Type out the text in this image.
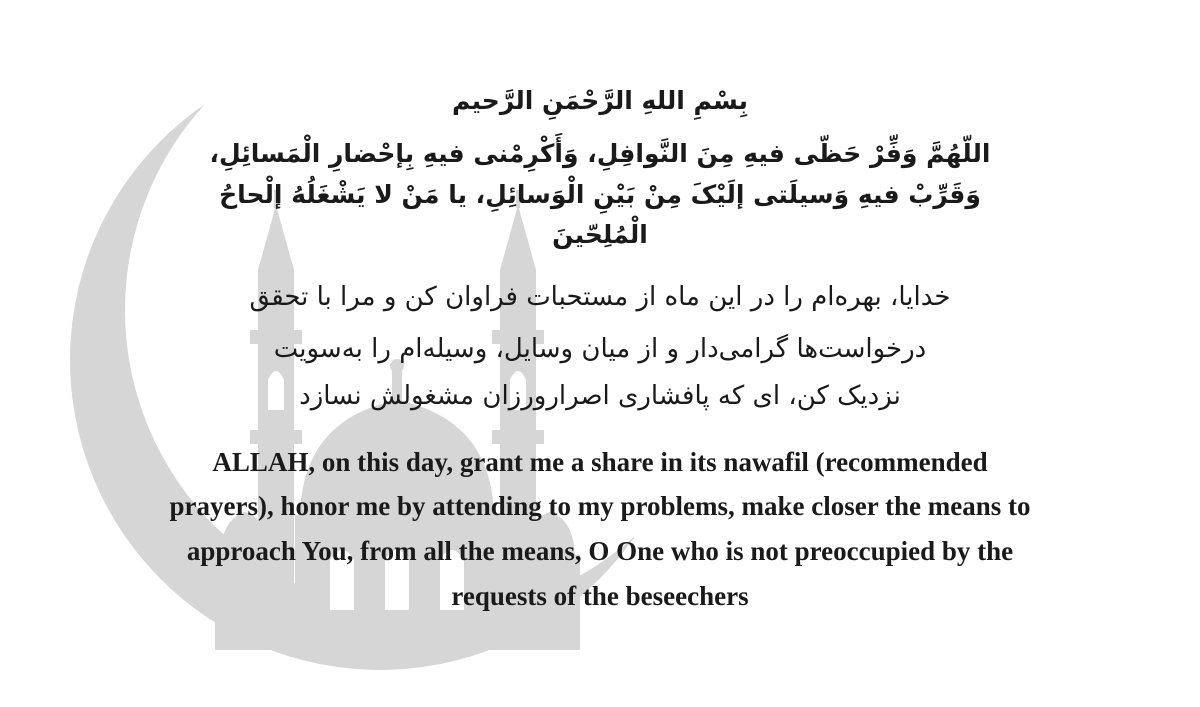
بِسْمِ اللهِ الرَّحْمَنِ الرَّحیم
اللّهُمَّ وَفِّرْ حَظّی فیهِ مِنَ النَّوافِلِ، وَأَکْرِمْنی فیهِ بِإحْضارِ الْمَسائِلِ،
وَقَرِّبْ فیهِ وَسیلَتی إلَیْکَ مِنْ بَیْنِ الْوَسائِلِ، یا مَنْ لا یَشْغَلُهُ إلْحاحُ
الْمُلِحّینَ
خدایا، بهره‌ام را در این ماه از مستحبات فراوان کن و مرا با تحقق
درخواست‌ها گرامی‌دار و از میان وسایل، وسیله‌ام را به‌سویت
نزدیک کن، ای که پافشاری اصرارورزان مشغولش نسازد
ALLAH, on this day, grant me a share in its nawafil (recommended
prayers), honor me by attending to my problems, make closer the means to
approach You, from all the means, O One who is not preoccupied by the
requests of the beseechers
